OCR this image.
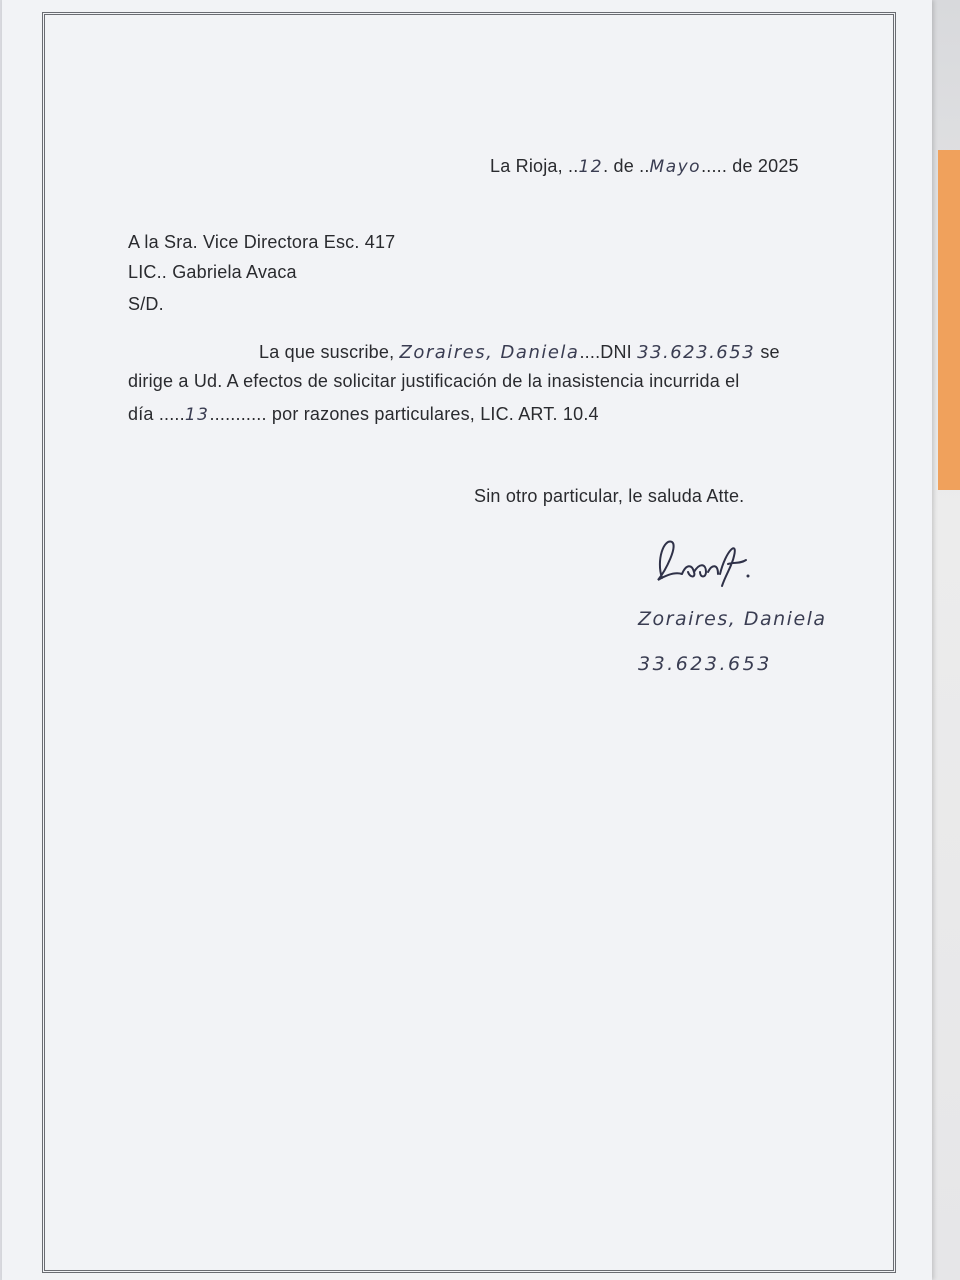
La Rioja, ..12. de ..Mayo..... de 2025
A la Sra. Vice Directora Esc. 417
LIC.. Gabriela Avaca
S/D.
La que suscribe, Zoraires, Daniela....DNI 33.623.653 se
dirige a Ud. A efectos de solicitar justificación de la inasistencia incurrida el
día .....13........... por razones particulares, LIC. ART. 10.4
Sin otro particular, le saluda Atte.
Zoraires, Daniela
33.623.653
